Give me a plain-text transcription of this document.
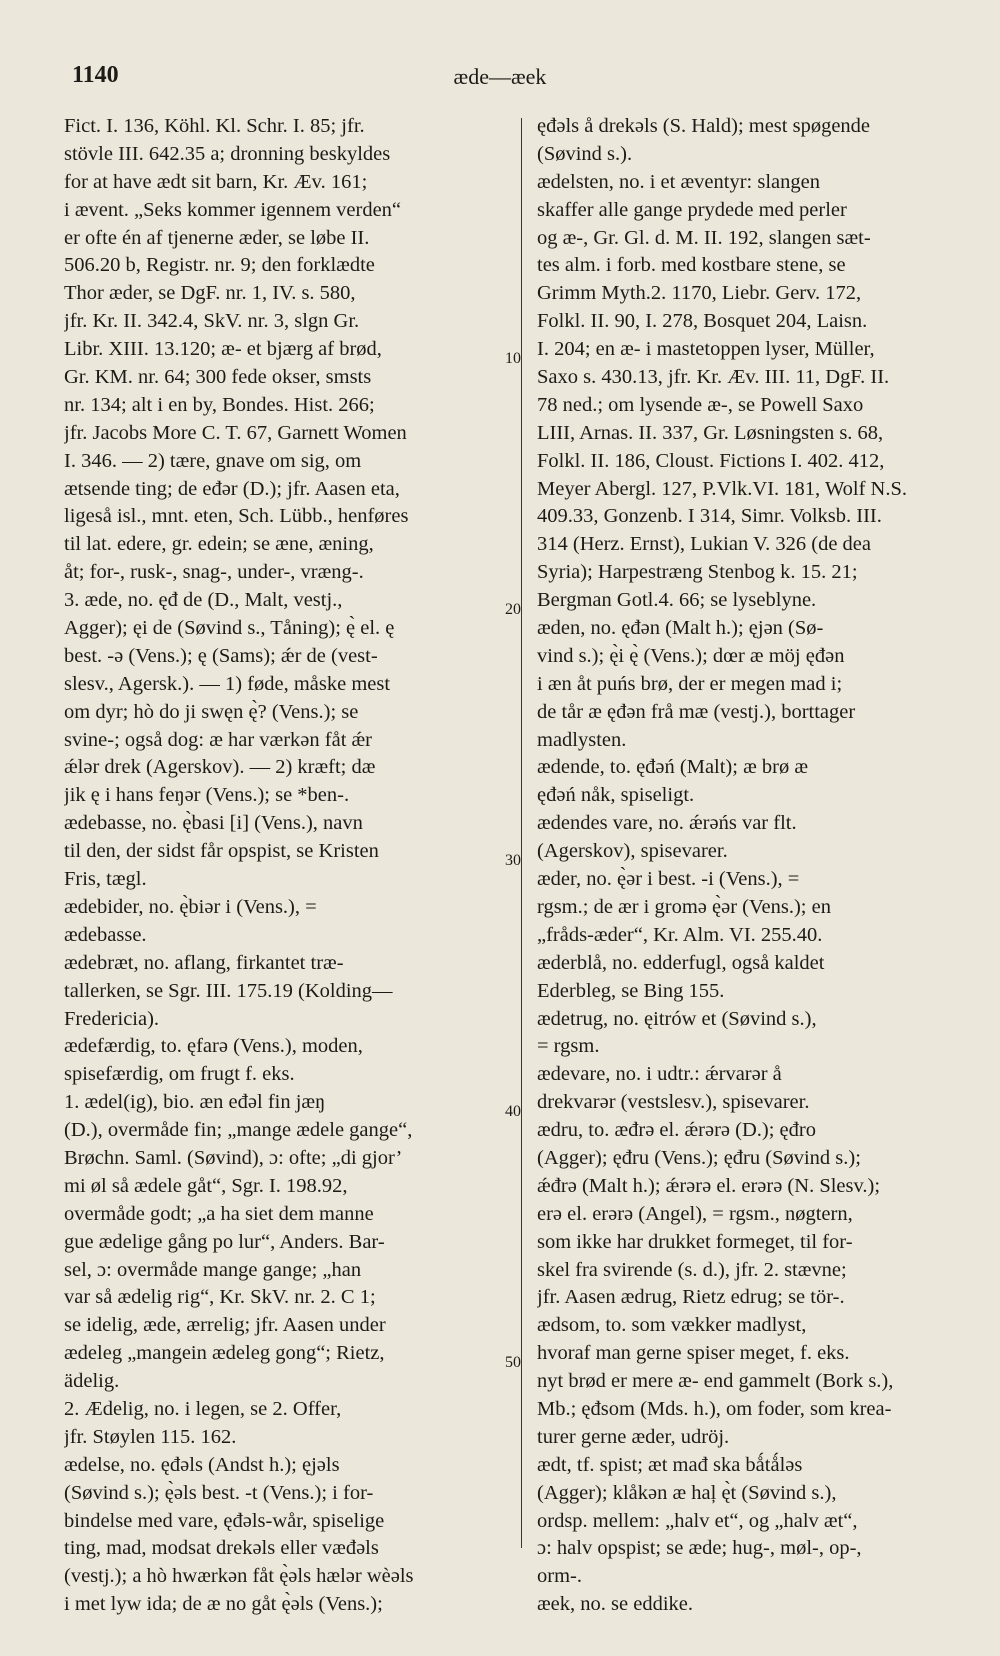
1140	æde—æek
Fict. I. 136, Köhl. Kl. Schr. I. 85; jfr.
stövle III. 642.35 a; dronning beskyldes
for at have ædt sit barn, Kr. Æv. 161;
i ævent. „Seks kommer igennem verden“
er ofte én af tjenerne æder, se løbe II.
506.20 b, Registr. nr. 9; den forklædte
Thor æder, se DgF. nr. 1, IV. s. 580,
jfr. Kr. II. 342.4, SkV. nr. 3, slgn Gr.
Libr. XIII. 13.120; æ- et bjærg af brød,
Gr. KM. nr. 64; 300 fede okser, smsts
nr. 134; alt i en by, Bondes. Hist. 266;
jfr. Jacobs More C. T. 67, Garnett Women
I. 346. — 2) tære, gnave om sig, om
ætsende ting; de eđər (D.); jfr. Aasen eta,
ligeså isl., mnt. eten, Sch. Lübb., henføres
til lat. edere, gr. edein; se æne, æning,
åt; for-, rusk-, snag-, under-, vræng-.
3. æde, no. ęđ de (D., Malt, vestj.,
Agger); ęi de (Søvind s., Tåning); ę̀ el. ę
best. -ə (Vens.); ę (Sams); ǽr de (vest-
slesv., Agersk.). — 1) føde, måske mest
om dyr; hò do ji swęn ę̀? (Vens.); se
svine-; også dog: æ har værkən fåt ǽr
ǽlər drek (Agerskov). — 2) kræft; dæ
jik ę i hans feŋər (Vens.); se *ben-.
ædebasse, no. ę̀basi [i] (Vens.), navn
til den, der sidst får opspist, se Kristen
Fris, tægl.
ædebider, no. ę̀biər i (Vens.), =
ædebasse.
ædebræt, no. aflang, firkantet træ-
tallerken, se Sgr. III. 175.19 (Kolding—
Fredericia).
ædefærdig, to. ęfarə (Vens.), moden,
spisefærdig, om frugt f. eks.
1. ædel(ig), bio. æn eđəl fin jæŋ
(D.), overmåde fin; „mange ædele gange“,
Brøchn. Saml. (Søvind), ɔ: ofte; „di gjor’
mi øl så ædele gåt“, Sgr. I. 198.92,
overmåde godt; „a ha siet dem manne
gue ædelige gång po lur“, Anders. Bar-
sel, ɔ: overmåde mange gange; „han
var så ædelig rig“, Kr. SkV. nr. 2. C 1;
se idelig, æde, ærrelig; jfr. Aasen under
ædeleg „mangein ædeleg gong“; Rietz,
ädelig.
2. Ædelig, no. i legen, se 2. Offer,
jfr. Støylen 115. 162.
ædelse, no. ęđəls (Andst h.); ęjəls
(Søvind s.); ę̀əls best. -t (Vens.); i for-
bindelse med vare, ęđəls-wår, spiselige
ting, mad, modsat drekəls eller væđəls
(vestj.); a hò hwærkən fåt ę̀əls hælər wèəls
i met lyw ida; de æ no gåt ę̀əls (Vens.);
ęđəls å drekəls (S. Hald); mest spøgende
(Søvind s.).
ædelsten, no. i et æventyr: slangen
skaffer alle gange prydede med perler
og æ-, Gr. Gl. d. M. II. 192, slangen sæt-
tes alm. i forb. med kostbare stene, se
Grimm Myth.2. 1170, Liebr. Gerv. 172,
Folkl. II. 90, I. 278, Bosquet 204, Laisn.
I. 204; en æ- i mastetoppen lyser, Müller,
Saxo s. 430.13, jfr. Kr. Æv. III. 11, DgF. II.
78 ned.; om lysende æ-, se Powell Saxo
LIII, Arnas. II. 337, Gr. Løsningsten s. 68,
Folkl. II. 186, Cloust. Fictions I. 402. 412,
Meyer Abergl. 127, P.Vlk.VI. 181, Wolf N.S.
409.33, Gonzenb. I 314, Simr. Volksb. III.
314 (Herz. Ernst), Lukian V. 326 (de dea
Syria); Harpestræng Stenbog k. 15. 21;
Bergman Gotl.4. 66; se lyseblyne.
æden, no. ęđən (Malt h.); ęjən (Sø-
vind s.); ę̀i ę̀ (Vens.); dœr æ möj ęđən
i æn åt puńs brø, der er megen mad i;
de tår æ ęđən frå mæ (vestj.), borttager
madlysten.
ædende, to. ęđəń (Malt); æ brø æ
ęđəń nåk, spiseligt.
ædendes vare, no. ǽrəńs var flt.
(Agerskov), spisevarer.
æder, no. ę̀ər i best. -i (Vens.), =
rgsm.; de ær i gromə ę̀ər (Vens.); en
„fråds-æder“, Kr. Alm. VI. 255.40.
æderblå, no. edderfugl, også kaldet
Ederbleg, se Bing 155.
ædetrug, no. ęitrów et (Søvind s.),
= rgsm.
ædevare, no. i udtr.: ǽrvarər å
drekvarər (vestslesv.), spisevarer.
ædru, to. æđrə el. ǽrərə (D.); ęđro
(Agger); ęđru (Vens.); ęđru (Søvind s.);
ǽđrə (Malt h.); ǽrərə el. erərə (N. Slesv.);
erə el. erərə (Angel), = rgsm., nøgtern,
som ikke har drukket formeget, til for-
skel fra svirende (s. d.), jfr. 2. stævne;
jfr. Aasen ædrug, Rietz edrug; se tör-.
ædsom, to. som vækker madlyst,
hvoraf man gerne spiser meget, f. eks.
nyt brød er mere æ- end gammelt (Bork s.),
Mb.; ęđsom (Mds. h.), om foder, som krea-
turer gerne æder, udröj.
ædt, tf. spist; æt mađ ska bǻtǻləs
(Agger); klåkən æ haļ ę̀t (Søvind s.),
ordsp. mellem: „halv et“, og „halv æt“,
ɔ: halv opspist; se æde; hug-, møl-, op-,
orm-.
æek, no. se eddike.
10
20
30
40
50
